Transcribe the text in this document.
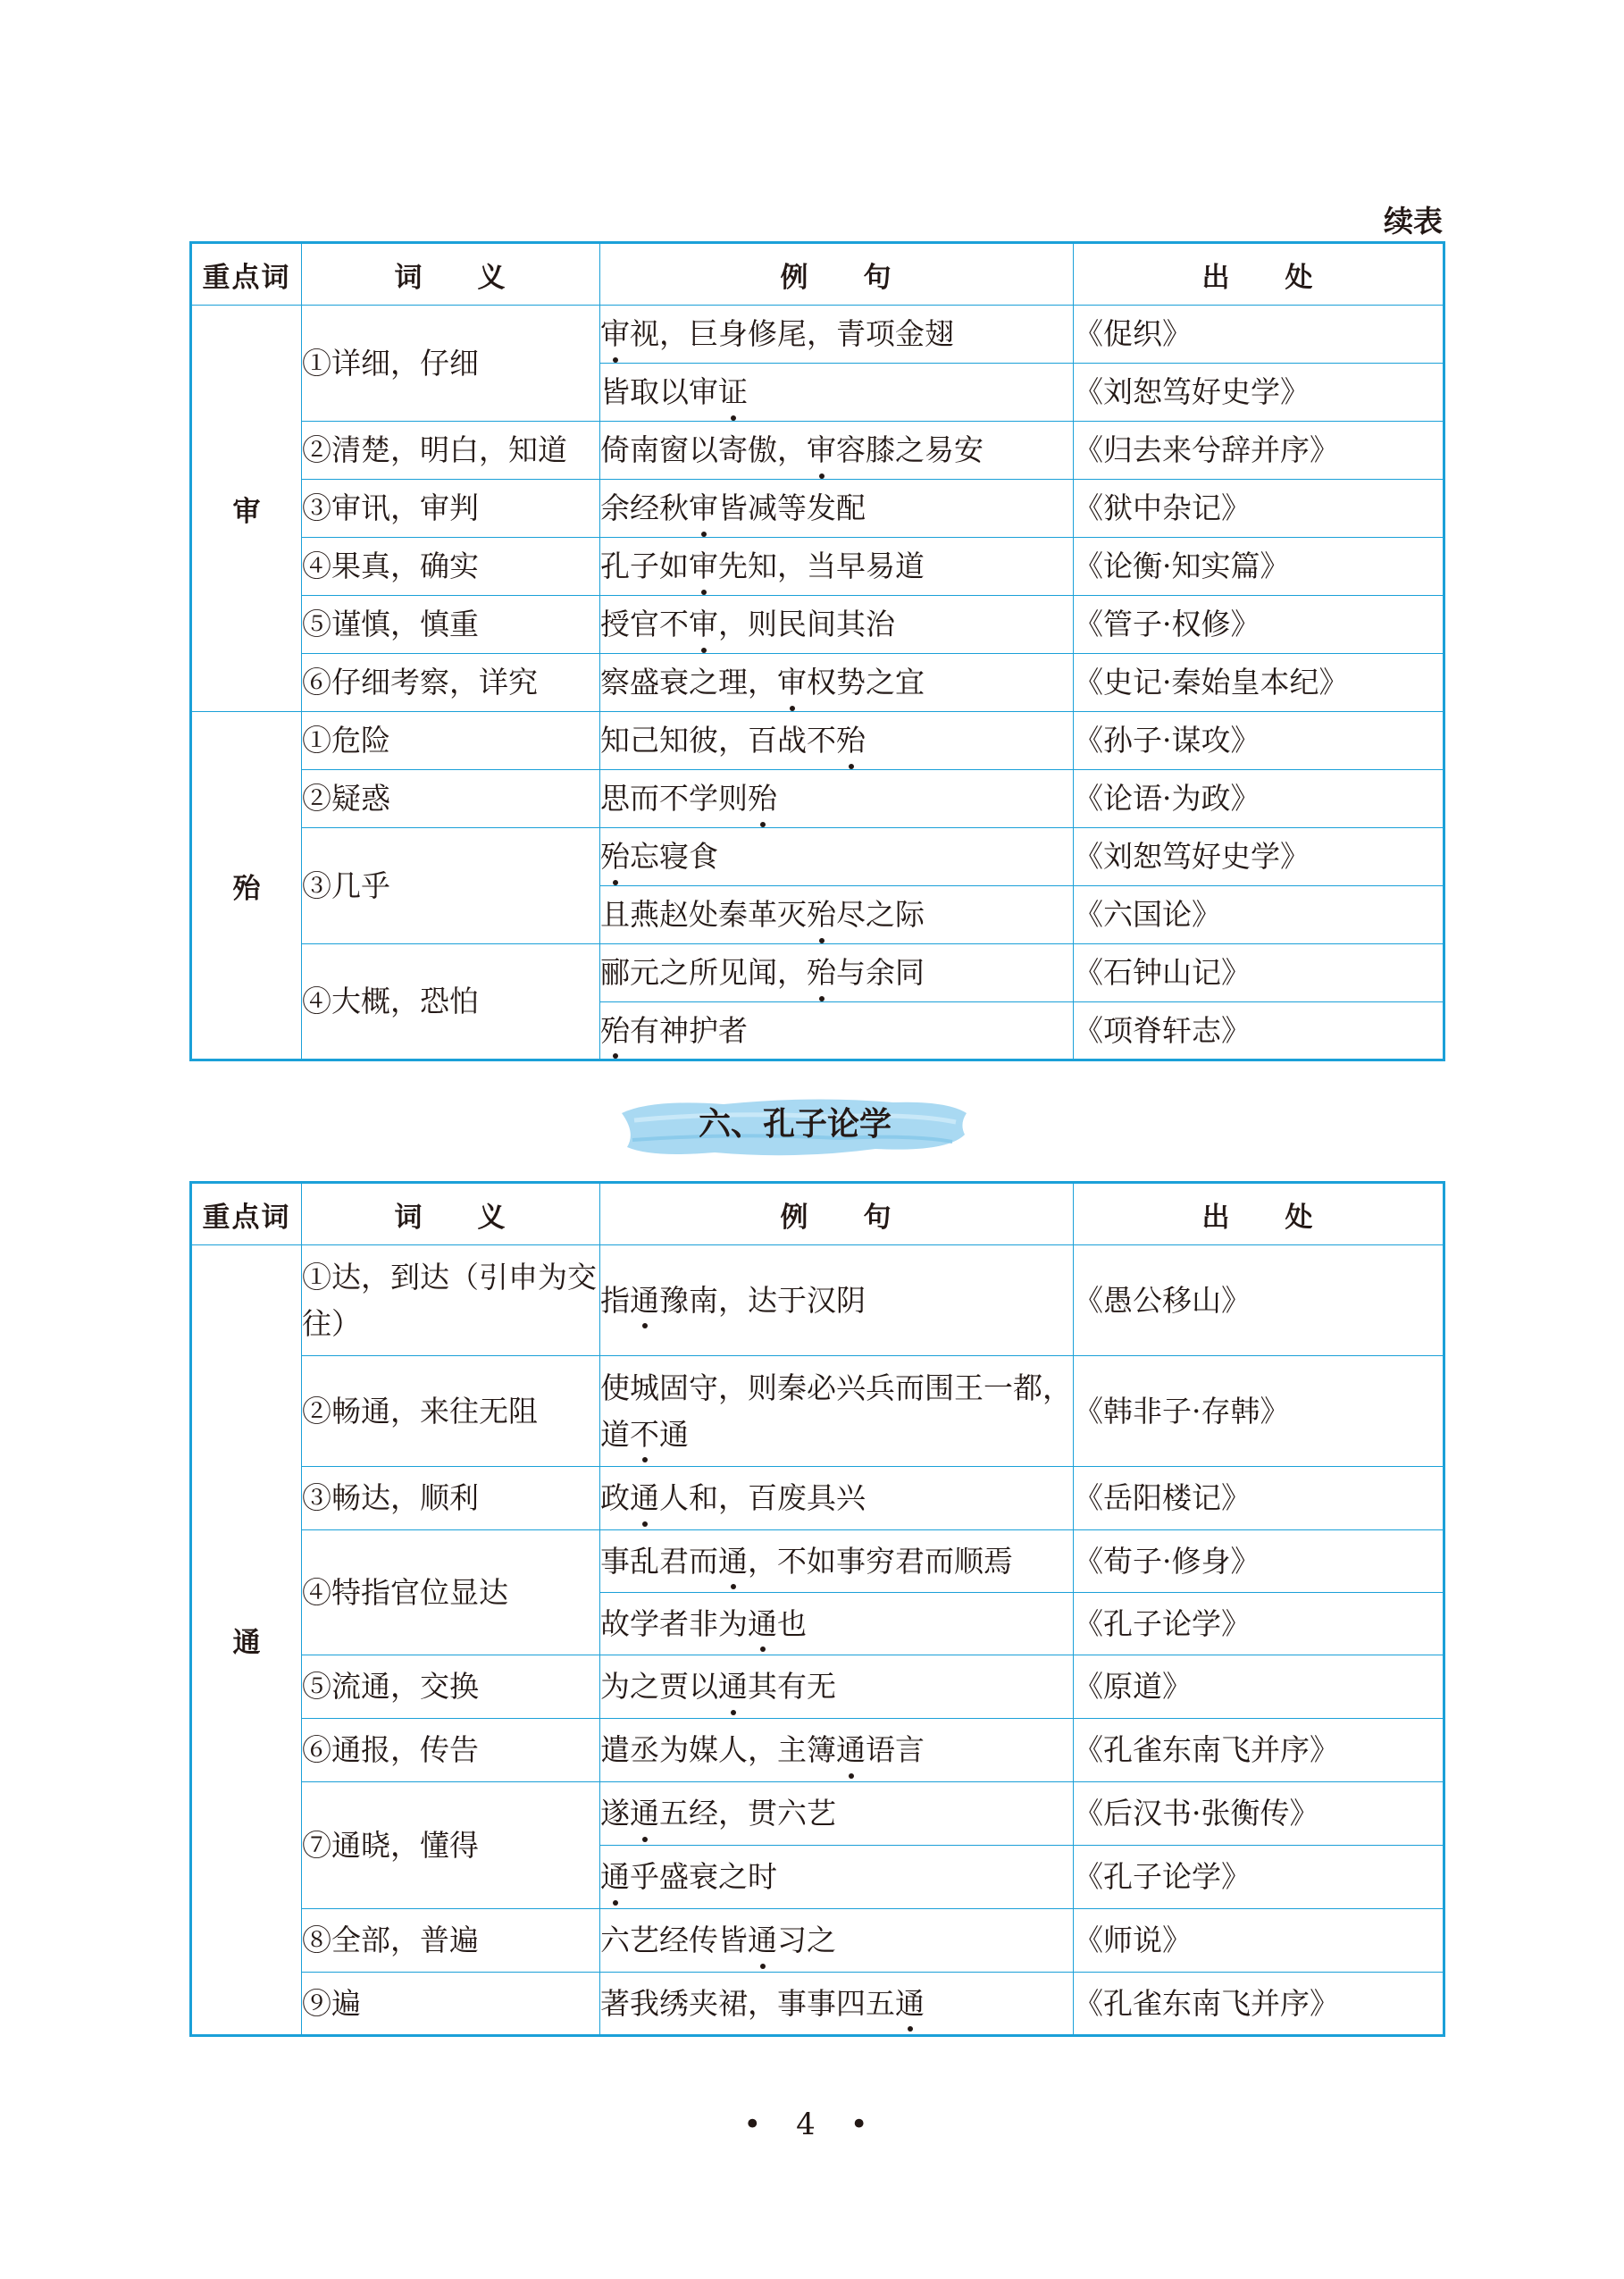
续表
重点词	词 义	例 句	出 处
审	①详细，仔细	审视，巨身修尾，青项金翅	《促织》
		皆取以审证	《刘恕笃好史学》
	②清楚，明白，知道	倚南窗以寄傲，审容膝之易安	《归去来兮辞并序》
	③审讯，审判	余经秋审皆减等发配	《狱中杂记》
	④果真，确实	孔子如审先知，当早易道	《论衡·知实篇》
	⑤谨慎，慎重	授官不审，则民间其治	《管子·权修》
	⑥仔细考察，详究	察盛衰之理，审权势之宜	《史记·秦始皇本纪》

殆	①危险	知己知彼，百战不殆	《孙子·谋攻》
	②疑惑	思而不学则殆	《论语·为政》
	③几乎	殆忘寝食	《刘恕笃好史学》
		且燕赵处秦革灭殆尽之际	《六国论》
	④大概，恐怕	郦元之所见闻，殆与余同	《石钟山记》
		殆有神护者	《项脊轩志》
六、孔子论学
重点词	词 义	例 句	出 处
通	①达，到达（引申为交往）	指通豫南，达于汉阴	《愚公移山》
	②畅通，来往无阻	使城固守，则秦必兴兵而围王一都，道不通	《韩非子·存韩》
	③畅达，顺利	政通人和，百废具兴	《岳阳楼记》
	④特指官位显达	事乱君而通，不如事穷君而顺焉	《荀子·修身》
		故学者非为通也	《孔子论学》
	⑤流通，交换	为之贾以通其有无	《原道》
	⑥通报，传告	遣丞为媒人，主簿通语言	《孔雀东南飞并序》
	⑦通晓，懂得	遂通五经，贯六艺	《后汉书·张衡传》
		通乎盛衰之时	《孔子论学》
	⑧全部，普遍	六艺经传皆通习之	《师说》
	⑨遍	著我绣夹裙，事事四五通	《孔雀东南飞并序》
• 4 •
